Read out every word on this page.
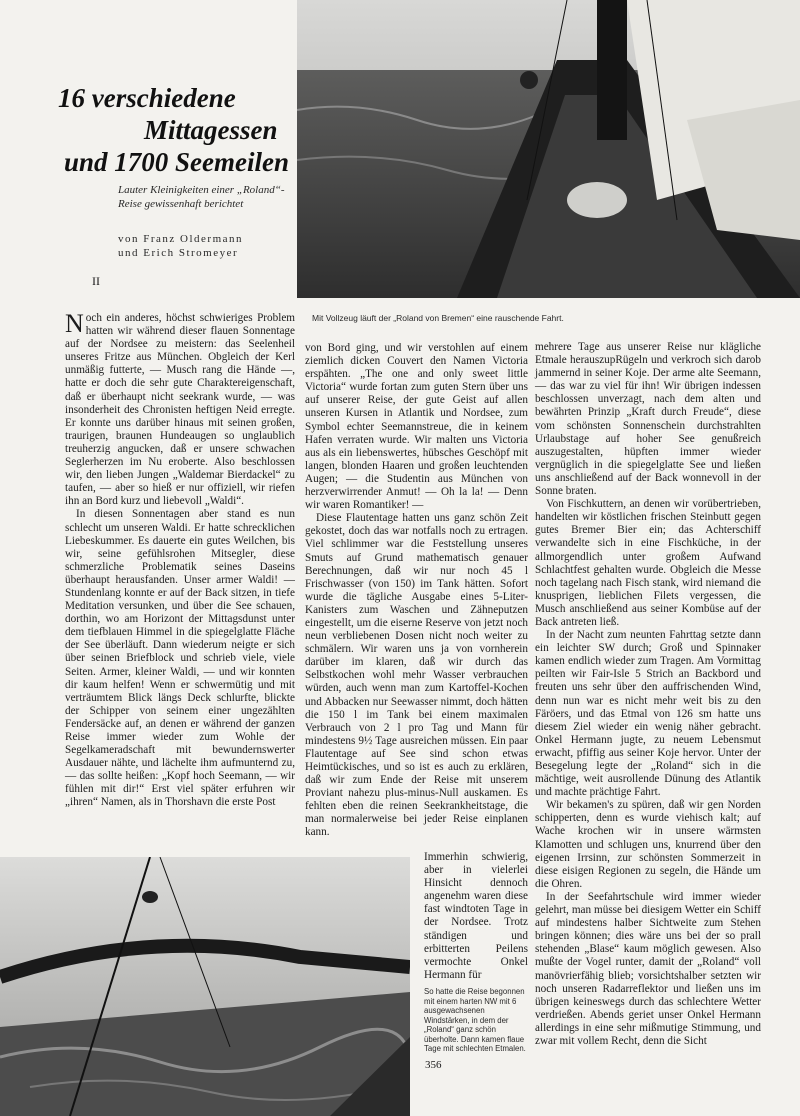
16 verschiedene
Mittagessen
und 1700 Seemeilen
Lauter Kleinigkeiten einer „Roland“-Reise gewissenhaft berichtet
von Franz Oldermann
und Erich Stromeyer
II
Mit Vollzeug läuft der „Roland von Bremen“ eine rauschende Fahrt.

Noch ein anderes, höchst schwieriges Problem hatten wir während dieser flauen Sonnentage auf der Nordsee zu meistern: das Seelenheil unseres Fritze aus München. Obgleich der Kerl unmäßig futterte, — Musch rang die Hände —, hatte er doch die sehr gute Charaktereigenschaft, daß er überhaupt nicht seekrank wurde, — was insonderheit des Chronisten heftigen Neid erregte. Er konnte uns darüber hinaus mit seinen großen, traurigen, braunen Hundeaugen so unglaublich treuherzig angucken, daß er unsere schwachen Seglerherzen im Nu eroberte. Also beschlossen wir, den lieben Jungen „Waldemar Bierdackel“ zu taufen, — aber so hieß er nur offiziell, wir riefen ihn an Bord kurz und liebevoll „Waldi“.

In diesen Sonnentagen aber stand es nun schlecht um unseren Waldi. Er hatte schrecklichen Liebeskummer. Es dauerte ein gutes Weilchen, bis wir, seine gefühlsrohen Mitsegler, diese schmerzliche Problematik seines Daseins überhaupt herausfanden. Unser armer Waldi! — Stundenlang konnte er auf der Back sitzen, in tiefe Meditation versunken, und über die See schauen, dorthin, wo am Horizont der Mittagsdunst unter dem tiefblauen Himmel in die spiegelglatte Fläche der See überläuft. Dann wiederum neigte er sich über seinen Briefblock und schrieb viele, viele Seiten. Armer, kleiner Waldi, — und wir konnten dir kaum helfen! Wenn er schwermütig und mit verträumtem Blick längs Deck schlurfte, blickte der Schipper von seinem einer ungezählten Fendersäcke auf, an denen er während der ganzen Reise immer wieder zum Wohle der Segelkameradschaft mit bewundernswerter Ausdauer nähte, und lächelte ihm aufmunternd zu, — das sollte heißen: „Kopf hoch Seemann, — wir fühlen mit dir!“ Erst viel später erfuhren wir „ihren“ Namen, als in Thorshavn die erste Post

von Bord ging, und wir verstohlen auf einem ziemlich dicken Couvert den Namen Victoria erspähten. „The one and only sweet little Victoria“ wurde fortan zum guten Stern über uns auf unserer Reise, der gute Geist auf allen unseren Kursen in Atlantik und Nordsee, zum Symbol echter Seemannstreue, die in keinem Hafen verraten wurde. Wir malten uns Victoria aus als ein liebenswertes, hübsches Geschöpf mit langen, blonden Haaren und großen leuchtenden Augen; — die Studentin aus München von herzverwirrender Anmut! — Oh la la! — Denn wir waren Romantiker! —

Diese Flautentage hatten uns ganz schön Zeit gekostet, doch das war notfalls noch zu ertragen. Viel schlimmer war die Feststellung unseres Smuts auf Grund mathematisch genauer Berechnungen, daß wir nur noch 45 l Frischwasser (von 150) im Tank hätten. Sofort wurde die tägliche Ausgabe eines 5-Liter-Kanisters zum Waschen und Zähneputzen eingestellt, um die eiserne Reserve von jetzt noch neun verbliebenen Dosen nicht noch weiter zu schmälern. Wir waren uns ja von vornherein darüber im klaren, daß wir durch das Selbstkochen wohl mehr Wasser verbrauchen würden, auch wenn man zum Kartoffel-Kochen und Abbacken nur Seewasser nimmt, doch hätten die 150 l im Tank bei einem maximalen Verbrauch von 2 l pro Tag und Mann für mindestens 9½ Tage ausreichen müssen. Ein paar Flautentage auf See sind schon etwas Heimtückisches, und so ist es auch zu erklären, daß wir zum Ende der Reise mit unserem Proviant nahezu plus-minus-Null auskamen. Es fehlten eben die reinen Seekrankheitstage, die man normalerweise bei jeder Reise einplanen kann.

Immerhin schwierig, aber in vielerlei Hinsicht dennoch angenehm waren diese fast windtoten Tage in der Nordsee. Trotz ständigen und erbitterten Peilens vermochte Onkel Hermann für

So hatte die Reise begonnen mit einem harten NW mit 6 ausgewachsenen Windstärken, in dem der „Roland“ ganz schön überholte. Dann kamen flaue Tage mit schlechten Etmalen.

mehrere Tage aus unserer Reise nur klägliche Etmale herauszupRügeln und verkroch sich darob jammernd in seiner Koje. Der arme alte Seemann, — das war zu viel für ihn! Wir übrigen indessen beschlossen unverzagt, nach dem alten und bewährten Prinzip „Kraft durch Freude“, diese vom schönsten Sonnenschein durchstrahlten Urlaubstage auf hoher See genußreich auszugestalten, hüpften immer wieder vergnüglich in die spiegelglatte See und ließen uns anschließend auf der Back wonnevoll in der Sonne braten.

Von Fischkuttern, an denen wir vorübertrieben, handelten wir köstlichen frischen Steinbutt gegen gutes Bremer Bier ein; das Achterschiff verwandelte sich in eine Fischküche, in der allmorgendlich unter großem Aufwand Schlachtfest gehalten wurde. Obgleich die Messe noch tagelang nach Fisch stank, wird niemand die knusprigen, lieblichen Filets vergessen, die Musch anschließend aus seiner Kombüse auf der Back antreten ließ.

In der Nacht zum neunten Fahrttag setzte dann ein leichter SW durch; Groß und Spinnaker kamen endlich wieder zum Tragen. Am Vormittag peilten wir Fair-Isle 5 Strich an Backbord und freuten uns sehr über den auffrischenden Wind, denn nun war es nicht mehr weit bis zu den Färöers, und das Etmal von 126 sm hatte uns diesem Ziel wieder ein wenig näher gebracht. Onkel Hermann jugte, zu neuem Lebensmut erwacht, pfiffig aus seiner Koje hervor. Unter der Besegelung legte der „Roland“ sich in die mächtige, weit ausrollende Dünung des Atlantik und machte prächtige Fahrt.

Wir bekamen's zu spüren, daß wir gen Norden schipperten, denn es wurde viehisch kalt; auf Wache krochen wir in unsere wärmsten Klamotten und schlugen uns, knurrend über den eigenen Irrsinn, zur schönsten Sommerzeit in diese eisigen Regionen zu segeln, die Hände um die Ohren.

In der Seefahrtschule wird immer wieder gelehrt, man müsse bei diesigem Wetter ein Schiff auf mindestens halber Sichtweite zum Stehen bringen können; dies wäre uns bei der so prall stehenden „Blase“ kaum möglich gewesen. Also mußte der Vogel runter, damit der „Roland“ voll manövrierfähig blieb; vorsichtshalber setzten wir noch unseren Radarreflektor und ließen uns im übrigen keineswegs durch das schlechtere Wetter verdrießen. Abends geriet unser Onkel Hermann allerdings in eine sehr mißmutige Stimmung, und zwar mit vollem Recht, denn die Sicht

356
